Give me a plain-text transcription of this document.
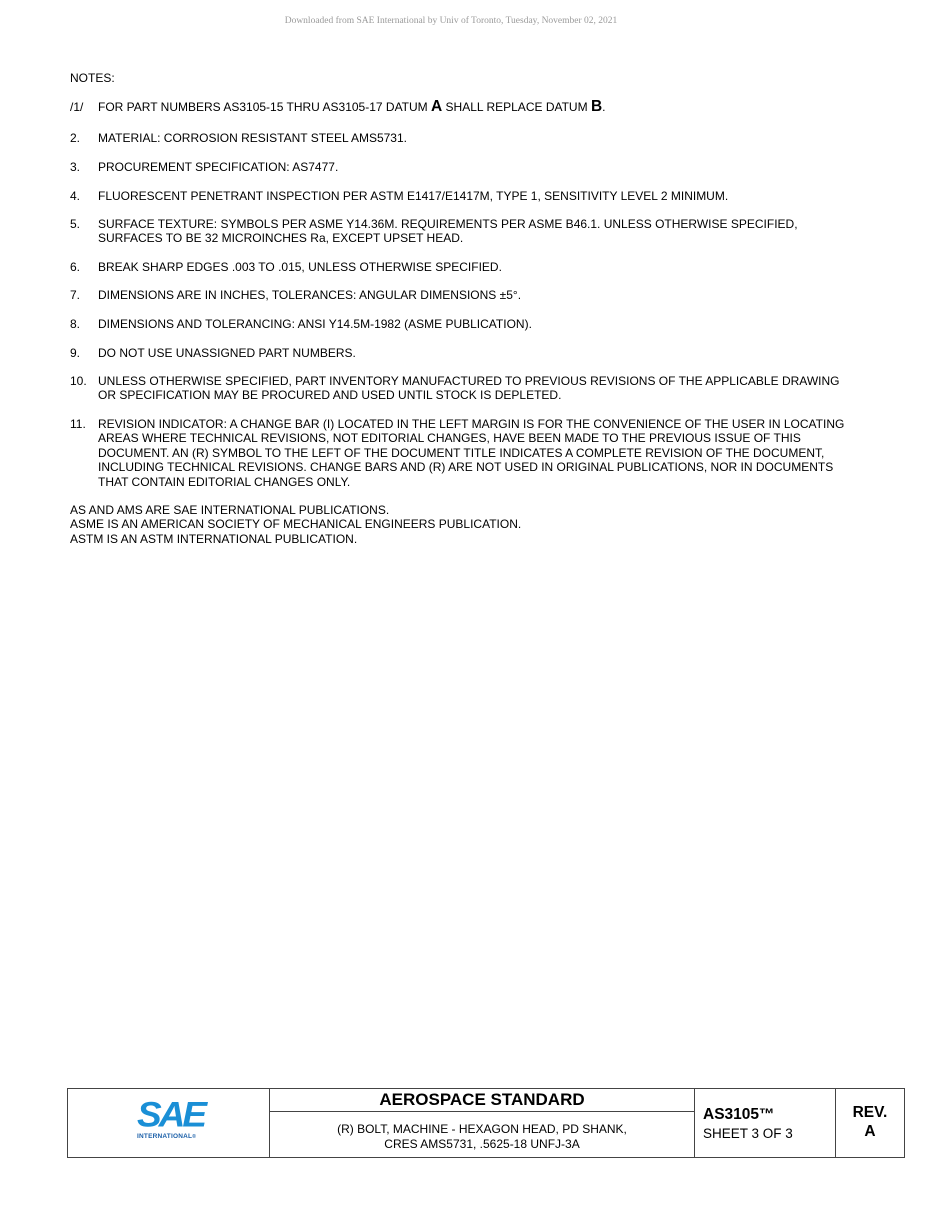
Downloaded from SAE International by Univ of Toronto, Tuesday, November 02, 2021
NOTES:
/1/ FOR PART NUMBERS AS3105-15 THRU AS3105-17 DATUM A SHALL REPLACE DATUM B.
2. MATERIAL: CORROSION RESISTANT STEEL AMS5731.
3. PROCUREMENT SPECIFICATION: AS7477.
4. FLUORESCENT PENETRANT INSPECTION PER ASTM E1417/E1417M, TYPE 1, SENSITIVITY LEVEL 2 MINIMUM.
5. SURFACE TEXTURE: SYMBOLS PER ASME Y14.36M. REQUIREMENTS PER ASME B46.1. UNLESS OTHERWISE SPECIFIED, SURFACES TO BE 32 MICROINCHES Ra, EXCEPT UPSET HEAD.
6. BREAK SHARP EDGES .003 TO .015, UNLESS OTHERWISE SPECIFIED.
7. DIMENSIONS ARE IN INCHES, TOLERANCES: ANGULAR DIMENSIONS ±5°.
8. DIMENSIONS AND TOLERANCING: ANSI Y14.5M-1982 (ASME PUBLICATION).
9. DO NOT USE UNASSIGNED PART NUMBERS.
10. UNLESS OTHERWISE SPECIFIED, PART INVENTORY MANUFACTURED TO PREVIOUS REVISIONS OF THE APPLICABLE DRAWING OR SPECIFICATION MAY BE PROCURED AND USED UNTIL STOCK IS DEPLETED.
11. REVISION INDICATOR: A CHANGE BAR (I) LOCATED IN THE LEFT MARGIN IS FOR THE CONVENIENCE OF THE USER IN LOCATING AREAS WHERE TECHNICAL REVISIONS, NOT EDITORIAL CHANGES, HAVE BEEN MADE TO THE PREVIOUS ISSUE OF THIS DOCUMENT. AN (R) SYMBOL TO THE LEFT OF THE DOCUMENT TITLE INDICATES A COMPLETE REVISION OF THE DOCUMENT, INCLUDING TECHNICAL REVISIONS. CHANGE BARS AND (R) ARE NOT USED IN ORIGINAL PUBLICATIONS, NOR IN DOCUMENTS THAT CONTAIN EDITORIAL CHANGES ONLY.
AS AND AMS ARE SAE INTERNATIONAL PUBLICATIONS.
ASME IS AN AMERICAN SOCIETY OF MECHANICAL ENGINEERS PUBLICATION.
ASTM IS AN ASTM INTERNATIONAL PUBLICATION.
SAE
INTERNATIONAL®
AEROSPACE STANDARD
(R) BOLT, MACHINE - HEXAGON HEAD, PD SHANK,
CRES AMS5731, .5625-18 UNFJ-3A
AS3105™
SHEET 3 OF 3
REV.
A
